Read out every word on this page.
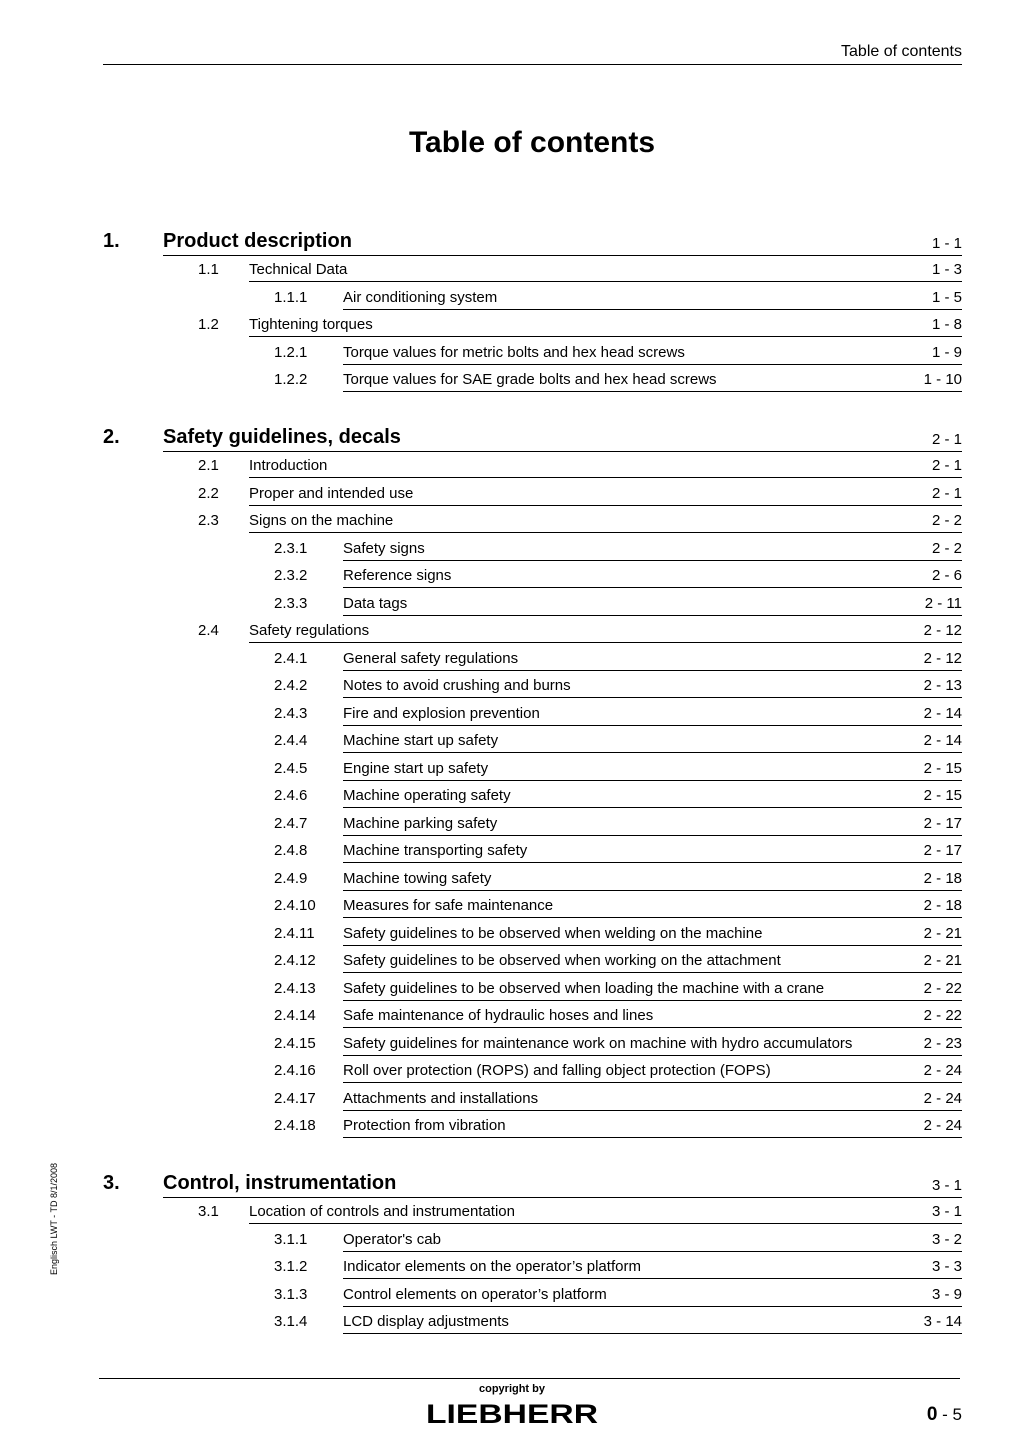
Table of contents
Table of contents
1. Product description	1 - 1
1.1 Technical Data	1 - 3
1.1.1 Air conditioning system	1 - 5
1.2 Tightening torques	1 - 8
1.2.1 Torque values for metric bolts and hex head screws	1 - 9
1.2.2 Torque values for SAE grade bolts and hex head screws	1 - 10
2. Safety guidelines, decals	2 - 1
2.1 Introduction	2 - 1
2.2 Proper and intended use	2 - 1
2.3 Signs on the machine	2 - 2
2.3.1 Safety signs	2 - 2
2.3.2 Reference signs	2 - 6
2.3.3 Data tags	2 - 11
2.4 Safety regulations	2 - 12
2.4.1 General safety regulations	2 - 12
2.4.2 Notes to avoid crushing and burns	2 - 13
2.4.3 Fire and explosion prevention	2 - 14
2.4.4 Machine start up safety	2 - 14
2.4.5 Engine start up safety	2 - 15
2.4.6 Machine operating safety	2 - 15
2.4.7 Machine parking safety	2 - 17
2.4.8 Machine transporting safety	2 - 17
2.4.9 Machine towing safety	2 - 18
2.4.10 Measures for safe maintenance	2 - 18
2.4.11 Safety guidelines to be observed when welding on the machine	2 - 21
2.4.12 Safety guidelines to be observed when working on the attachment	2 - 21
2.4.13 Safety guidelines to be observed when loading the machine with a crane	2 - 22
2.4.14 Safe maintenance of hydraulic hoses and lines	2 - 22
2.4.15 Safety guidelines for maintenance work on machine with hydro accumulators	2 - 23
2.4.16 Roll over protection (ROPS) and falling object protection (FOPS)	2 - 24
2.4.17 Attachments and installations	2 - 24
2.4.18 Protection from vibration	2 - 24
3. Control, instrumentation	3 - 1
3.1 Location of controls and instrumentation	3 - 1
3.1.1 Operator's cab	3 - 2
3.1.2 Indicator elements on the operator’s platform	3 - 3
3.1.3 Control elements on operator’s platform	3 - 9
3.1.4 LCD display adjustments	3 - 14
Englisch LWT - TD 8/1/2008
copyright by
LIEBHERR	0 - 5
